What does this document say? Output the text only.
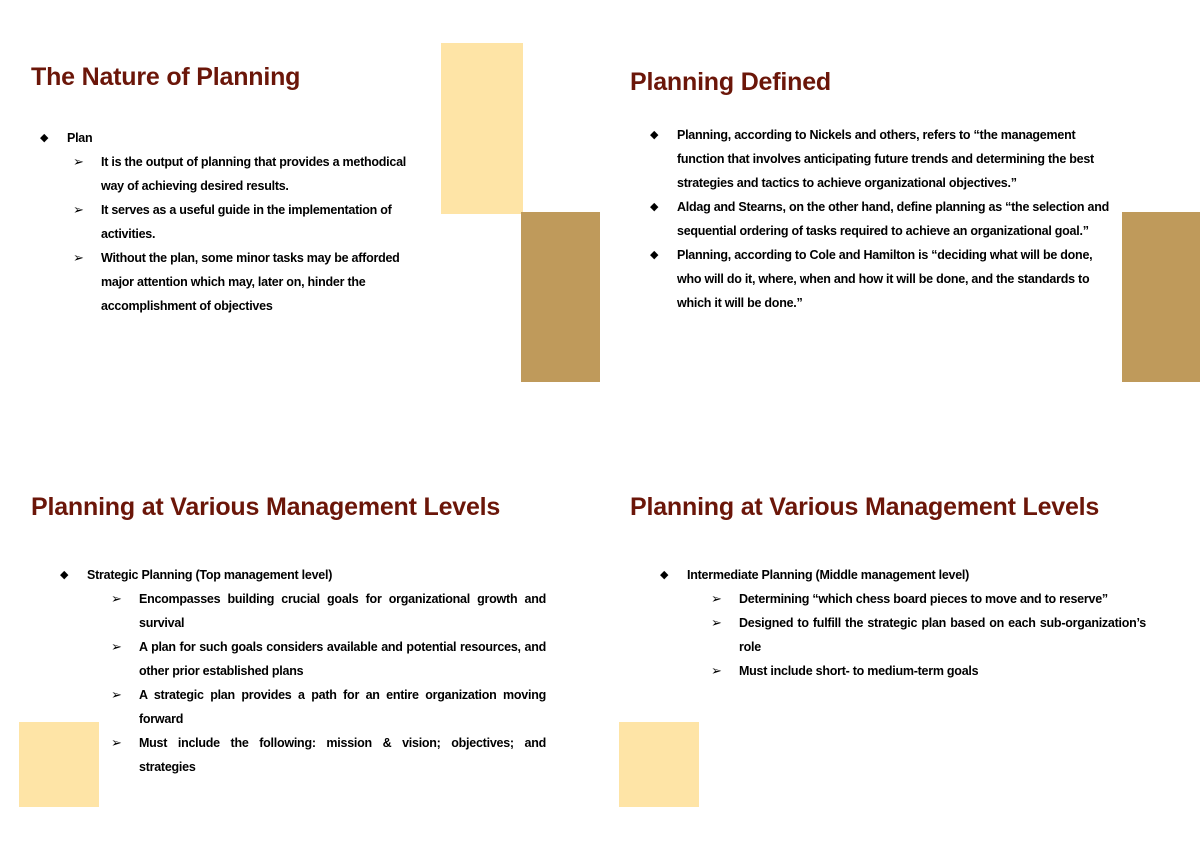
The Nature of Planning
◆ Plan
➢ It is the output of planning that provides a methodical way of achieving desired results.
➢ It serves as a useful guide in the implementation of activities.
➢ Without the plan, some minor tasks may be afforded major attention which may, later on, hinder the accomplishment of objectives
Planning Defined
◆ Planning, according to Nickels and others, refers to “the management function that involves anticipating future trends and determining the best strategies and tactics to achieve organizational objectives.”
◆ Aldag and Stearns, on the other hand, define planning as “the selection and sequential ordering of tasks required to achieve an organizational goal.”
◆ Planning, according to Cole and Hamilton is “deciding what will be done, who will do it, where, when and how it will be done, and the standards to which it will be done.”
Planning at Various Management Levels
◆ Strategic Planning (Top management level)
➢ Encompasses building crucial goals for organizational growth and survival
➢ A plan for such goals considers available and potential resources, and other prior established plans
➢ A strategic plan provides a path for an entire organization moving forward
➢ Must include the following: mission & vision; objectives; and strategies
Planning at Various Management Levels
◆ Intermediate Planning (Middle management level)
➢ Determining “which chess board pieces to move and to reserve”
➢ Designed to fulfill the strategic plan based on each sub-organization’s role
➢ Must include short- to medium-term goals
